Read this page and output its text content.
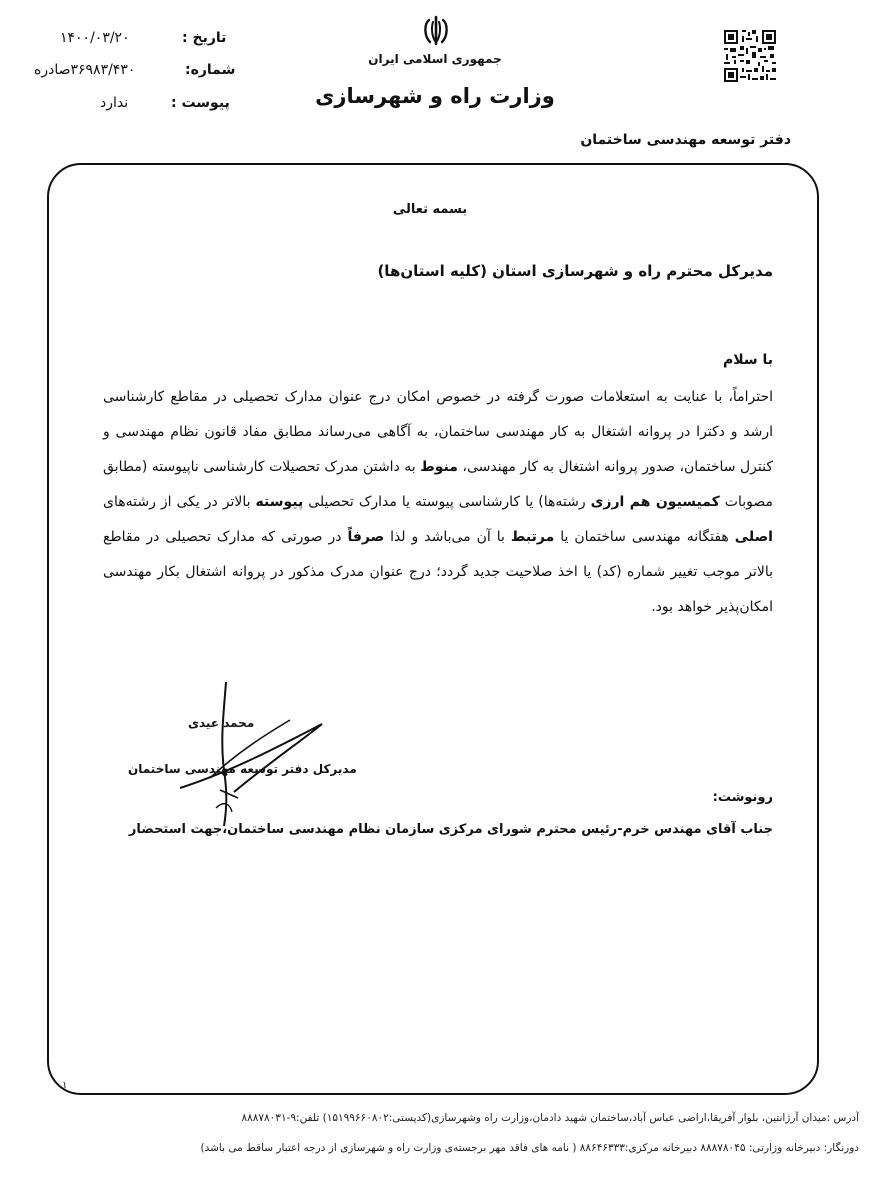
تاریخ :
۱۴۰۰/۰۳/۲۰
شماره:
۳۶۹۸۳/۴۳۰صادره
پیوست :
ندارد
جمهوری اسلامی ایران
وزارت راه و شهرسازی
دفتر توسعه مهندسی ساختمان
بسمه تعالی
مدیرکل محترم راه و شهرسازی استان (کلیه استان‌ها)
با سلام
احتراماً، با عنایت به استعلامات صورت گرفته در خصوص امکان درج عنوان مدارک تحصیلی در مقاطع کارشناسی ارشد و دکترا در پروانه اشتغال به کار مهندسی ساختمان، به آگاهی می‌رساند مطابق مفاد قانون نظام مهندسی و کنترل ساختمان، صدور پروانه اشتغال به کار مهندسی، منوط به داشتن مدرک تحصیلات کارشناسی ناپیوسته (مطابق مصوبات کمیسیون هم ارزی رشته‌ها) یا کارشناسی پیوسته یا مدارک تحصیلی پیوسته بالاتر در یکی از رشته‌های اصلی هفتگانه مهندسی ساختمان یا مرتبط با آن می‌باشد و لذا صرفاً در صورتی که مدارک تحصیلی در مقاطع بالاتر موجب تغییر شماره (کد) یا اخذ صلاحیت جدید گردد؛ درج عنوان مدرک مذکور در پروانه اشتغال بکار مهندسی امکان‌پذیر خواهد بود.
محمد عیدی
مدیرکل دفتر توسعه مهندسی ساختمان
رونوشت:
جناب آقای مهندس خرم-رئیس محترم شورای مرکزی سازمان نظام مهندسی ساختمان،جهت استحضار
۱
آدرس :میدان آرژانتین، بلوار آفریقا،اراضی عباس آباد،ساختمان شهید دادمان،وزارت راه وشهرسازی(کدپستی:۱۵۱۹۹۶۶۰۸۰۲) تلفن:۹-۸۸۸۷۸۰۳۱
دورنگار: دبیرخانه وزارتی: ۸۸۸۷۸۰۴۵ دبیرخانه مرکزی:۸۸۶۴۶۳۳۳ ( نامه های فاقد مهر برجسته‌ی وزارت راه و شهرسازی از درجه اعتبار ساقط می باشد)
